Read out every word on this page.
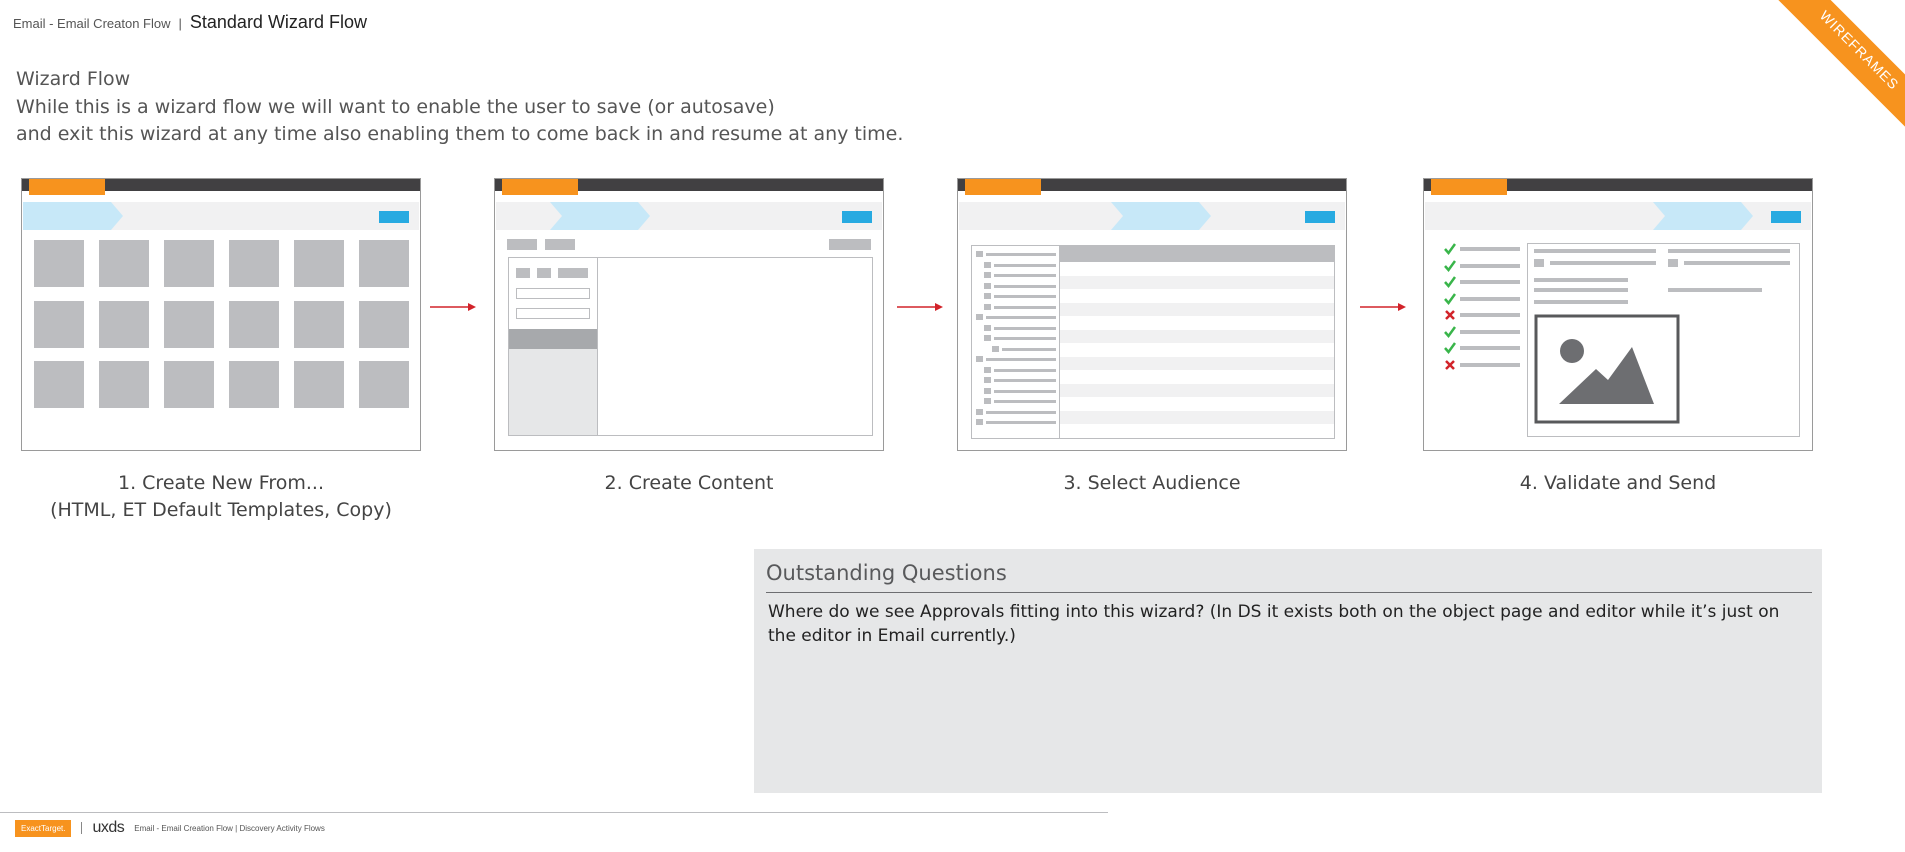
Email - Email Creaton Flow | Standard Wizard Flow	WIREFRAMES
Wizard Flow
While this is a wizard flow we will want to enable the user to save (or autosave)
and exit this wizard at any time also enabling them to come back in and resume at any time.
1. Create New From...
(HTML, ET Default Templates, Copy)
2. Create Content	3. Select Audience	4. Validate and Send
Outstanding Questions
Where do we see Approvals fitting into this wizard? (In DS it exists both on the object page and editor while it’s just on the editor in Email currently.)
ExactTarget.	uxds Email - Email Creation Flow | Discovery Activity Flows
